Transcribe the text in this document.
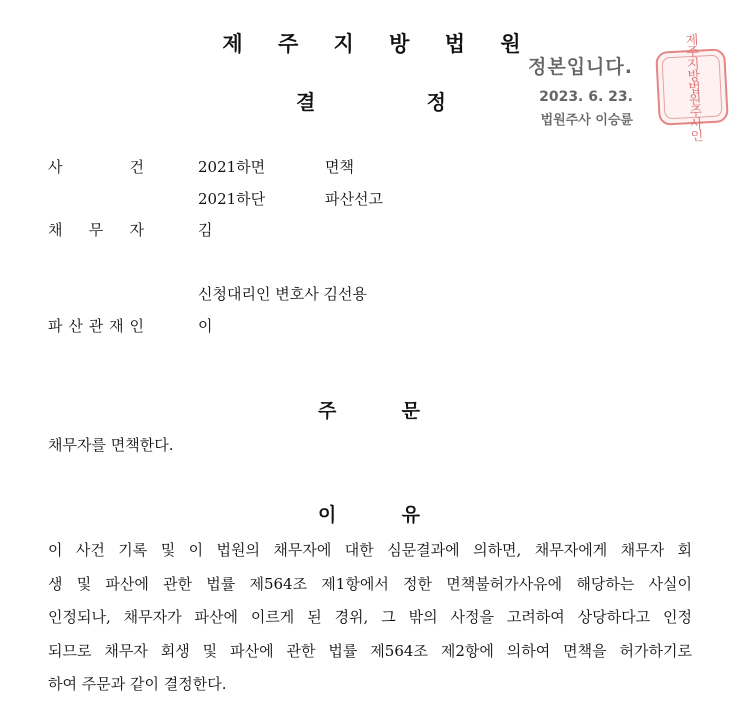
제 주 지 방 법 원
결	정
정본입니다.
2023. 6. 23.
법원주사 이승륜	제주지방법원주사인
사	건	2021하면	면책
2021하단	파산선고
채 무 자	김
신청대리인 변호사 김선용
파 산 관 재 인	이
주	문
채무자를 면책한다.
이	유
이 사건 기록 및 이 법원의 채무자에 대한 심문결과에 의하면, 채무자에게 채무자 회
생 및 파산에 관한 법률 제564조 제1항에서 정한 면책불허가사유에 해당하는 사실이
인정되나, 채무자가 파산에 이르게 된 경위, 그 밖의 사정을 고려하여 상당하다고 인정
되므로 채무자 회생 및 파산에 관한 법률 제564조 제2항에 의하여 면책을 허가하기로
하여 주문과 같이 결정한다.
